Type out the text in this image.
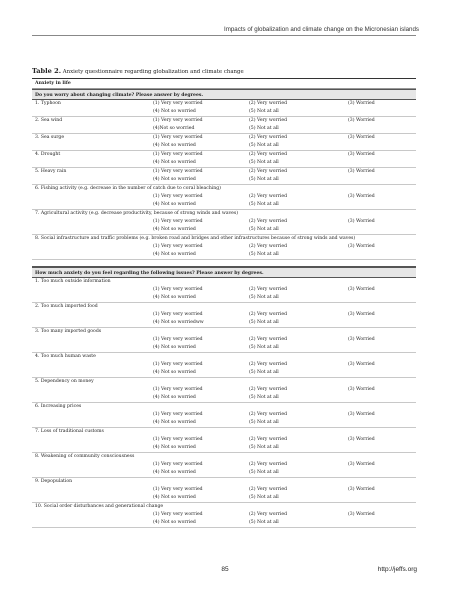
Impacts of globalization and climate change on the Micronesian islands
Table 2. Anxiety questionnaire regarding globalization and climate change
Anxiety in life
Do you worry about changing climate? Please answer by degrees.
1. Typhoon	(1) Very very worried	(2) Very worried	(3) Worried
(4) Not so worried	(5) Not at all
2. Sea wind	(1) Very very worried	(2) Very worried	(3) Worried
(4)Not so worried	(5) Not at all
3. Sea surge	(1) Very very worried	(2) Very worried	(3) Worried
(4) Not so worried	(5) Not at all
4. Drought	(1) Very very worried	(2) Very worried	(3) Worried
(4) Not so worried	(5) Not at all
5. Heavy rain	(1) Very very worried	(2) Very worried	(3) Worried
(4) Not so worried	(5) Not at all
6. Fishing activity (e.g. decrease in the number of catch due to coral bleaching)
(1) Very very worried	(2) Very worried	(3) Worried
(4) Not so worried	(5) Not at all
7. Agricultural activity (e.g. decrease productivity, because of strong winds and waves)
(1) Very very worried	(2) Very worried	(3) Worried
(4) Not so worried	(5) Not at all
8. Social infrastructure and traffic problems (e.g. broken road and bridges and other infrastructures because of strong winds and waves)
(1) Very very worried	(2) Very worried	(3) Worried
(4) Not so worried	(5) Not at all
How much anxiety do you feel regarding the following issues? Please answer by degrees.
1. Too much outside information
(1) Very very worried	(2) Very worried	(3) Worried
(4) Not so worried	(5) Not at all
2. Too much imported food
(1) Very very worried	(2) Very worried	(3) Worried
(4) Not so worriedww	(5) Not at all
3. Too many imported goods
(1) Very very worried	(2) Very worried	(3) Worried
(4) Not so worried	(5) Not at all
4. Too much human waste
(1) Very very worried	(2) Very worried	(3) Worried
(4) Not so worried	(5) Not at all
5. Dependency on money
(1) Very very worried	(2) Very worried	(3) Worried
(4) Not so worried	(5) Not at all
6. Increasing prices
(1) Very very worried	(2) Very worried	(3) Worried
(4) Not so worried	(5) Not at all
7. Loss of traditional customs
(1) Very very worried	(2) Very worried	(3) Worried
(4) Not so worried	(5) Not at all
8. Weakening of community consciousness
(1) Very very worried	(2) Very worried	(3) Worried
(4) Not so worried	(5) Not at all
9. Depopulation
(1) Very very worried	(2) Very worried	(3) Worried
(4) Not so worried	(5) Not at all
10. Social order disturbances and generational change
(1) Very very worried	(2) Very worried	(3) Worried
(4) Not so worried	(5) Not at all
85	http://jeffs.org
